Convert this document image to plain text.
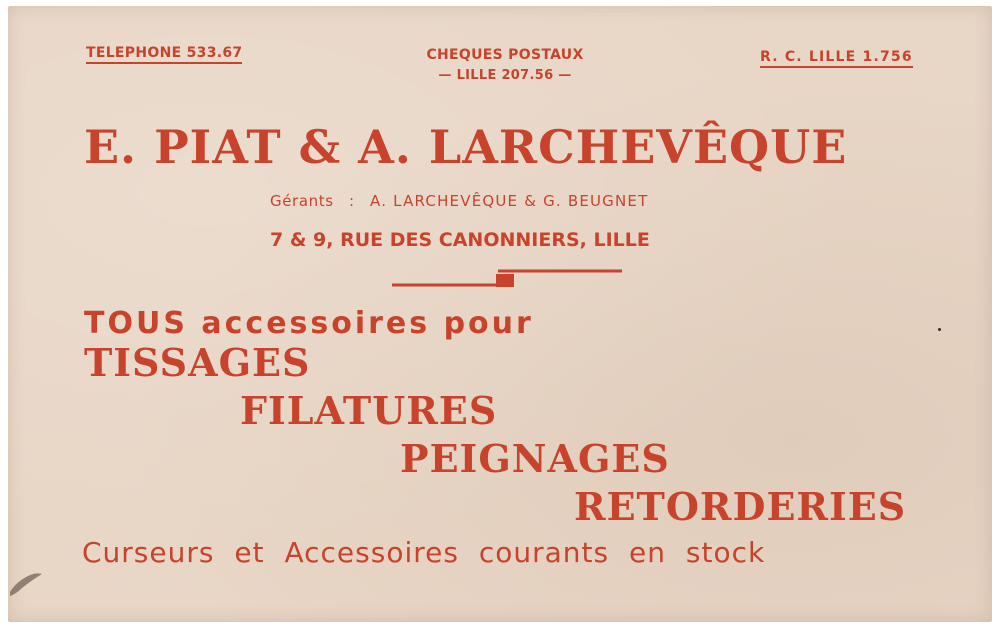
TELEPHONE 533.67	CHEQUES POSTAUX
— LILLE 207.56 —
R. C. LILLE 1.756
E. PIAT & A. LARCHEVÊQUE
Gérants : A. LARCHEVÊQUE & G. BEUGNET
7 & 9, RUE DES CANONNIERS, LILLE
TOUS accessoires pour
TISSAGES
FILATURES
PEIGNAGES
RETORDERIES
Curseurs et Accessoires courants en stock
